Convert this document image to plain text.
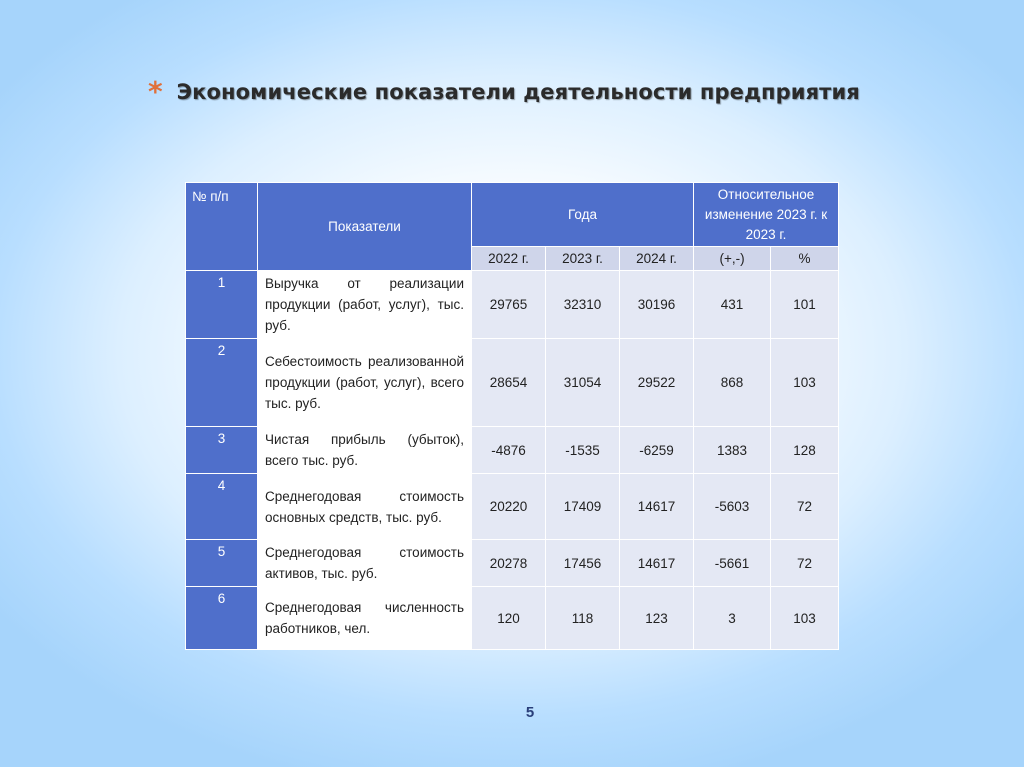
* Экономические показатели деятельности предприятия
№ п/п	Показатели	Года			Относительное изменение 2023 г. к 2023 г.	
		2022 г.	2023 г.	2024 г.	(+,-)	%
1	Выручка от реализации продукции (работ, услуг), тыс. руб.	29765	32310	30196	431	101
2	Себестоимость реализованной продукции (работ, услуг), всего тыс. руб.	28654	31054	29522	868	103
3	Чистая прибыль (убыток), всего тыс. руб.	-4876	-1535	-6259	1383	128
4	Среднегодовая стоимость основных средств, тыс. руб.	20220	17409	14617	-5603	72
5	Среднегодовая стоимость активов, тыс. руб.	20278	17456	14617	-5661	72
6	Среднегодовая численность работников, чел.	120	118	123	3	103
5
